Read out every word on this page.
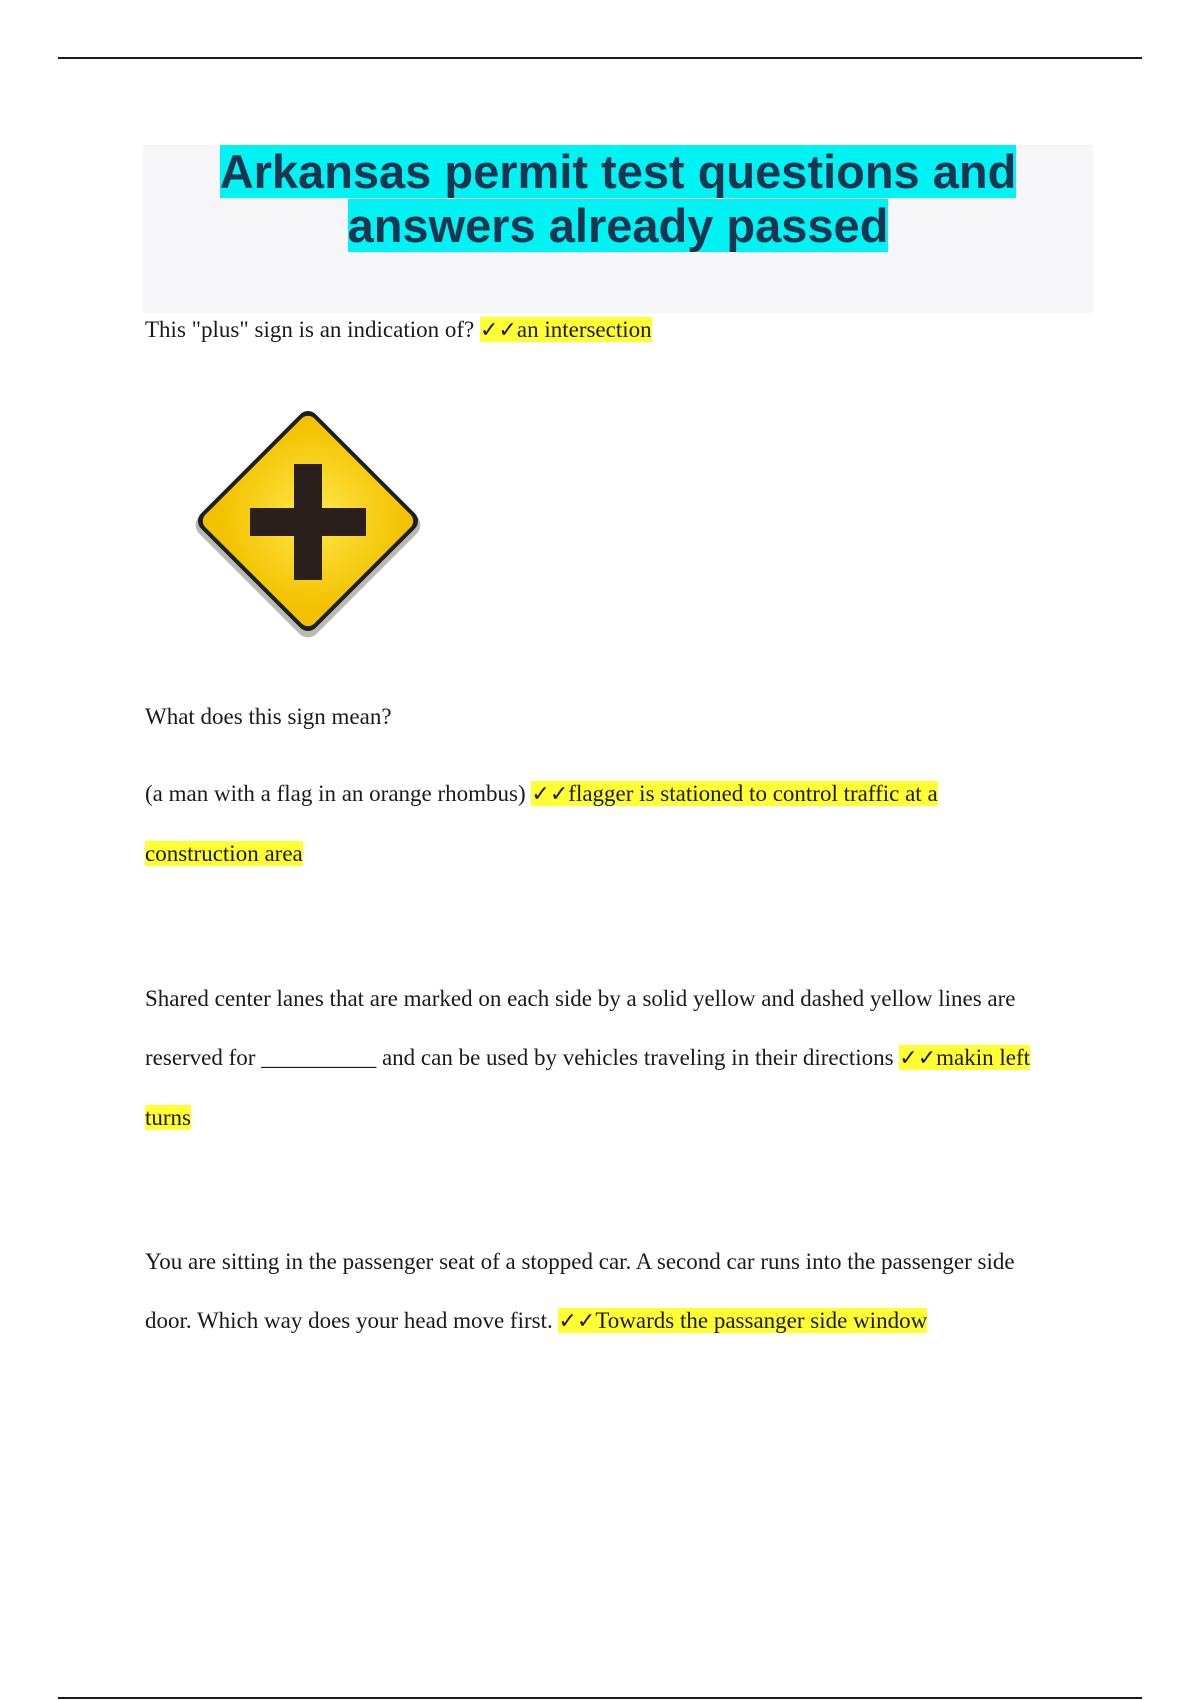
Arkansas permit test questions and
answers already passed

This "plus" sign is an indication of? ✓✓an intersection

What does this sign mean?

(a man with a flag in an orange rhombus) ✓✓flagger is stationed to control traffic at a
construction area

Shared center lanes that are marked on each side by a solid yellow and dashed yellow lines are
reserved for __________ and can be used by vehicles traveling in their directions ✓✓makin left
turns

You are sitting in the passenger seat of a stopped car. A second car runs into the passenger side
door. Which way does your head move first. ✓✓Towards the passanger side window
